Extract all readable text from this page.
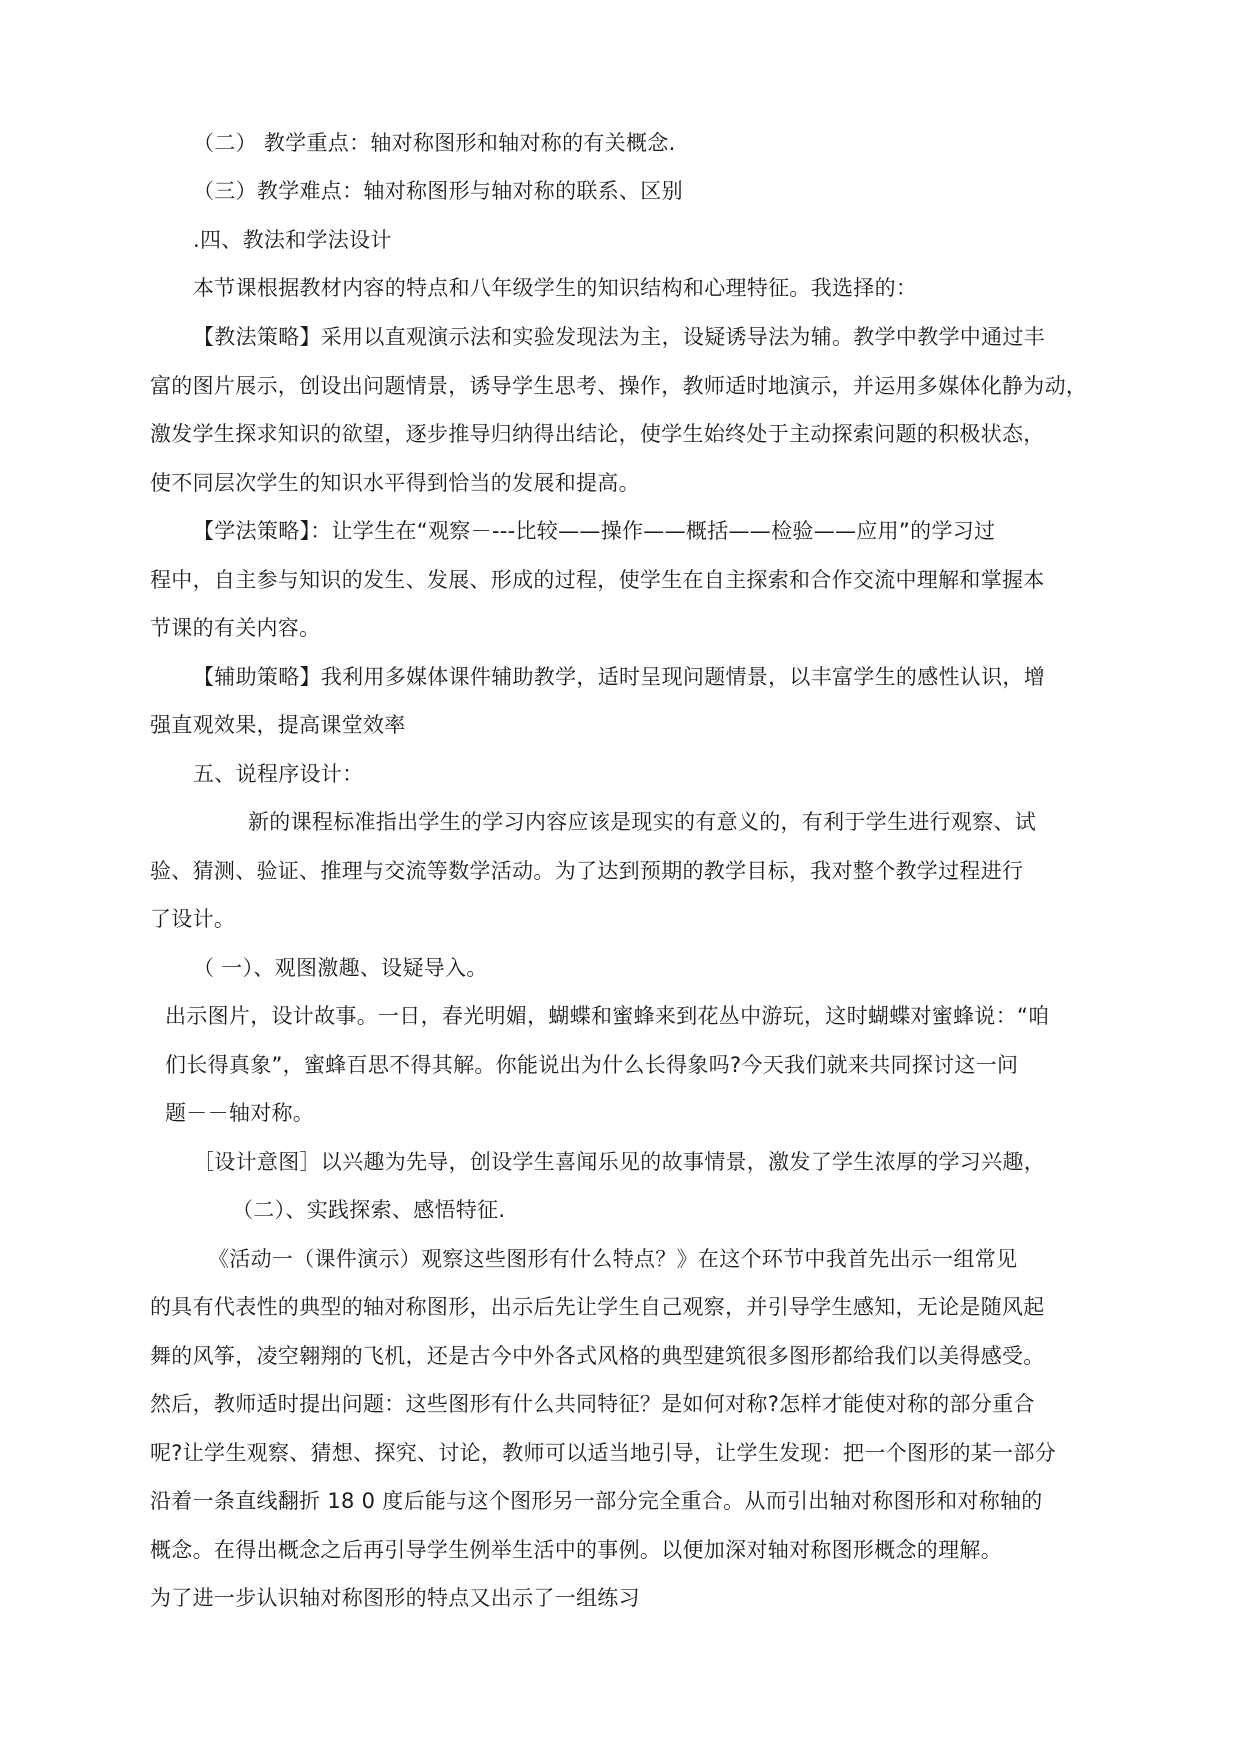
（二） 教学重点：轴对称图形和轴对称的有关概念.
（三）教学难点：轴对称图形与轴对称的联系、区别
.四、教法和学法设计
本节课根据教材内容的特点和八年级学生的知识结构和心理特征。我选择的：
【教法策略】采用以直观演示法和实验发现法为主，设疑诱导法为辅。教学中教学中通过丰
富的图片展示，创设出问题情景，诱导学生思考、操作，教师适时地演示，并运用多媒体化静为动，
激发学生探求知识的欲望，逐步推导归纳得出结论，使学生始终处于主动探索问题的积极状态，
使不同层次学生的知识水平得到恰当的发展和提高。
【学法策略】：让学生在“观察－---比较——操作——概括——检验——应用”的学习过
程中，自主参与知识的发生、发展、形成的过程，使学生在自主探索和合作交流中理解和掌握本
节课的有关内容。
【辅助策略】我利用多媒体课件辅助教学，适时呈现问题情景，以丰富学生的感性认识，增
强直观效果，提高课堂效率
五、说程序设计：
新的课程标准指出学生的学习内容应该是现实的有意义的，有利于学生进行观察、试
验、猜测、验证、推理与交流等数学活动。为了达到预期的教学目标，我对整个教学过程进行
了设计。
（ 一）、观图激趣、设疑导入。
出示图片，设计故事。一日，春光明媚，蝴蝶和蜜蜂来到花丛中游玩，这时蝴蝶对蜜蜂说：“咱
们长得真象”，蜜蜂百思不得其解。你能说出为什么长得象吗?今天我们就来共同探讨这一问
题－－轴对称。
［设计意图］以兴趣为先导，创设学生喜闻乐见的故事情景，激发了学生浓厚的学习兴趣，
（二）、实践探索、感悟特征.
《活动一（课件演示）观察这些图形有什么特点？》在这个环节中我首先出示一组常见
的具有代表性的典型的轴对称图形，出示后先让学生自己观察，并引导学生感知，无论是随风起
舞的风筝，凌空翱翔的飞机，还是古今中外各式风格的典型建筑很多图形都给我们以美得感受。
然后，教师适时提出问题：这些图形有什么共同特征？是如何对称?怎样才能使对称的部分重合
呢?让学生观察、猜想、探究、讨论，教师可以适当地引导，让学生发现：把一个图形的某一部分
沿着一条直线翻折 18 0 度后能与这个图形另一部分完全重合。从而引出轴对称图形和对称轴的
概念。在得出概念之后再引导学生例举生活中的事例。以便加深对轴对称图形概念的理解。
为了进一步认识轴对称图形的特点又出示了一组练习
